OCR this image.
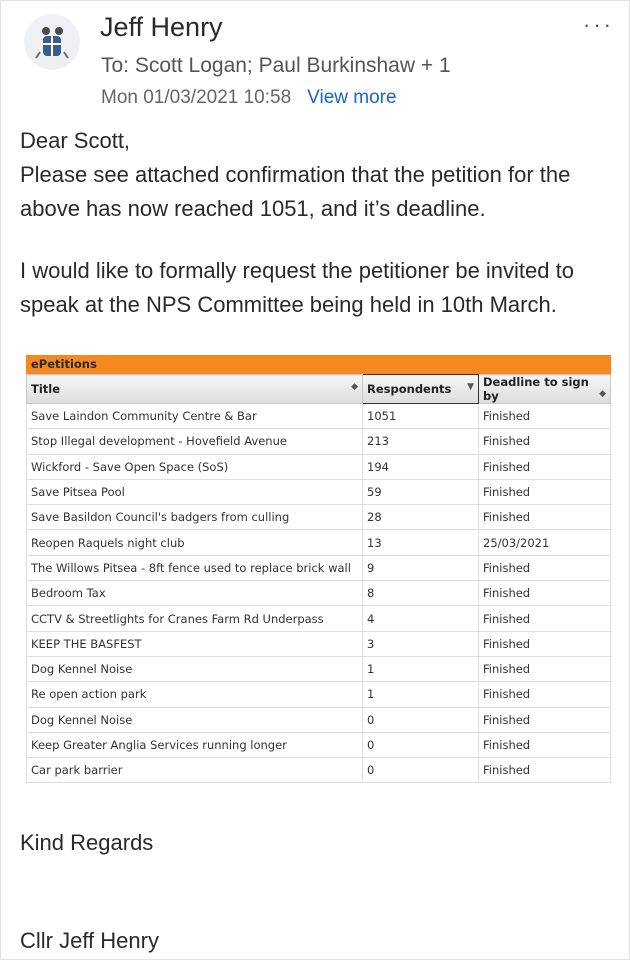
Jeff Henry	···
To: Scott Logan; Paul Burkinshaw + 1
Mon 01/03/2021 10:58 View more
Dear Scott,
Please see attached confirmation that the petition for the above has now reached 1051, and it’s deadline.
I would like to formally request the petitioner be invited to speak at the NPS Committee being held in 10th March.
ePetitions
Title ◆	Respondents ▼	Deadline to sign by ◆

Save Laindon Community Centre & Bar	1051	Finished
Stop Illegal development - Hovefield Avenue	213	Finished
Wickford - Save Open Space (SoS)	194	Finished
Save Pitsea Pool	59	Finished
Save Basildon Council's badgers from culling	28	Finished
Reopen Raquels night club	13	25/03/2021
The Willows Pitsea - 8ft fence used to replace brick wall	9	Finished
Bedroom Tax	8	Finished
CCTV & Streetlights for Cranes Farm Rd Underpass	4	Finished
KEEP THE BASFEST	3	Finished
Dog Kennel Noise	1	Finished
Re open action park	1	Finished
Dog Kennel Noise	0	Finished
Keep Greater Anglia Services running longer	0	Finished
Car park barrier	0	Finished
Kind Regards
Cllr Jeff Henry
